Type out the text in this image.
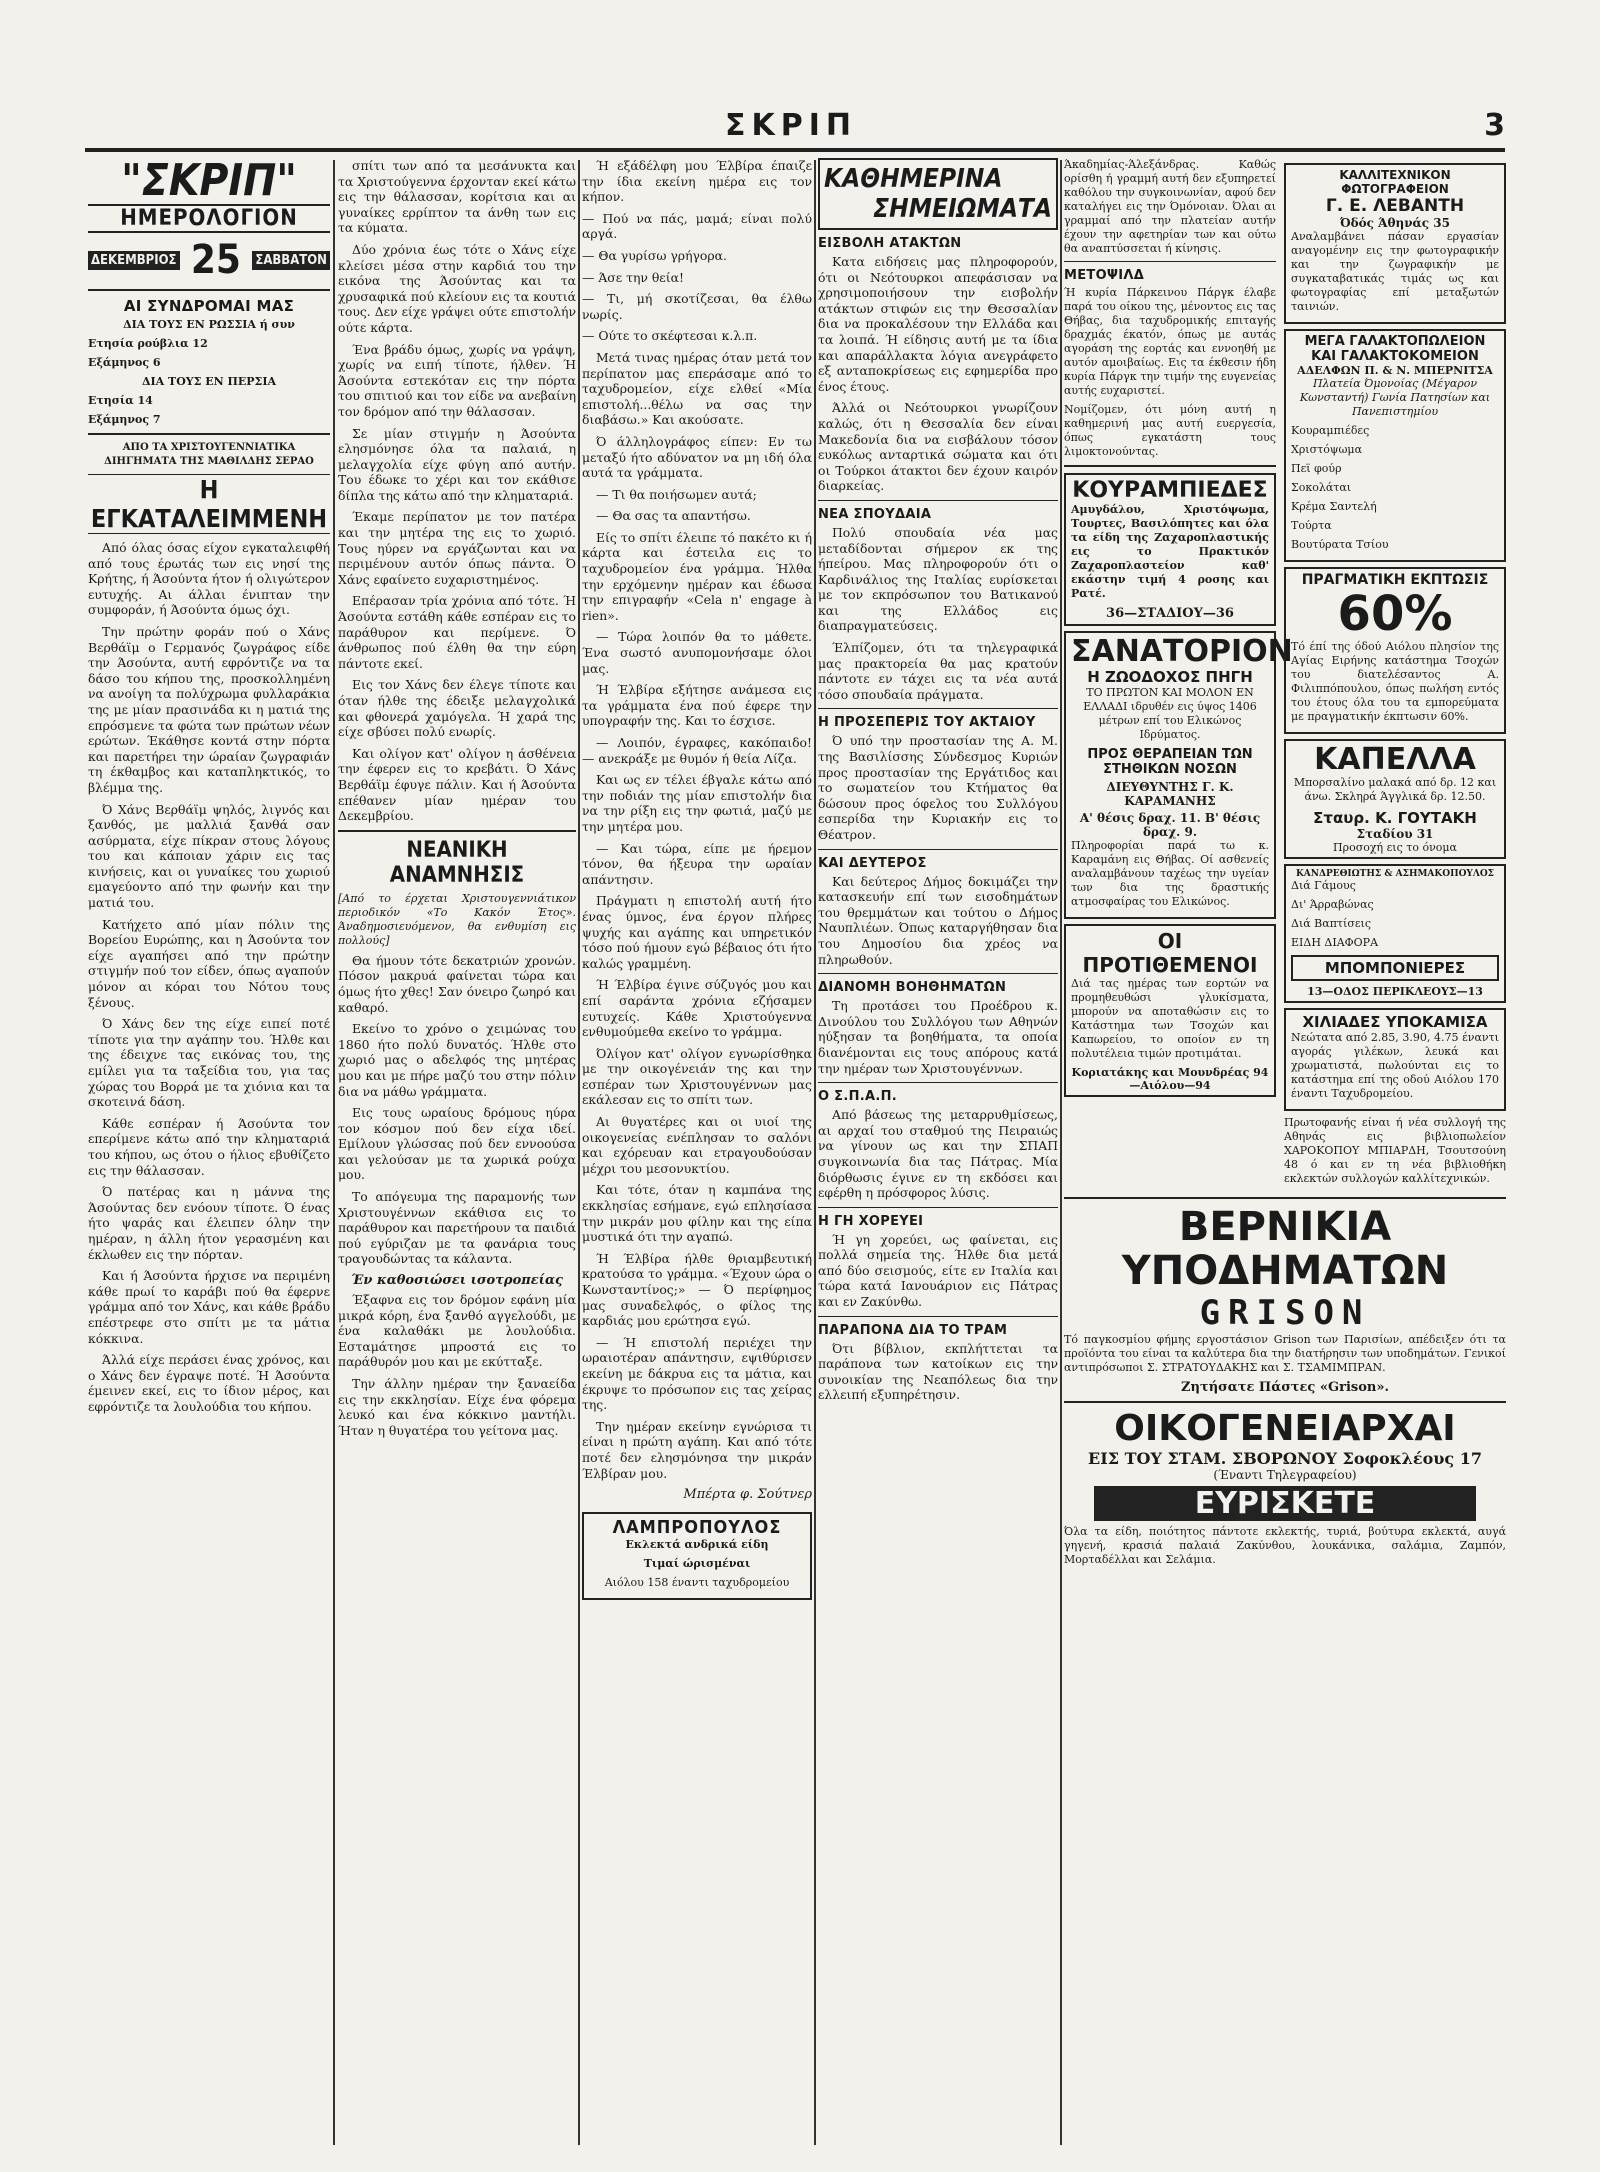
ΣΚΡΙΠ	3
"ΣΚΡΙΠ"
ΗΜΕΡΟΛΟΓΙΟΝ
ΔΕΚΕΜΒΡΙΟΣ 25 ΣΑΒΒΑΤΟΝ
ΑΙ ΣΥΝΔΡΟΜΑΙ ΜΑΣ
ΔΙΑ ΤΟΥΣ ΕΝ ΡΩΣΣΙΑ ή συν
Ετησία ρούβλια 12
Εξάμηνος 6
ΔΙΑ ΤΟΥΣ ΕΝ ΠΕΡΣΙΑ
Ετησία 14
Εξάμηνος 7
ΑΠΟ ΤΑ ΧΡΙΣΤΟΥΓΕΝΝΙΑΤΙΚΑ ΔΙΗΓΗΜΑΤΑ ΤΗΣ ΜΑΘΙΛΔΗΣ ΣΕΡΑΟ
Η ΕΓΚΑΤΑΛΕΙΜΜΕΝΗ

Από όλας όσας είχον εγκαταλειφθή από τους έρωτάς των εις νησί της Κρήτης, ή Άσούντα ήτον ή ολιγώτερον ευτυχής. Αι άλλαι ένιπταν την συμφοράν, ή Άσούντα όμως όχι.

Την πρώτην φοράν πού ο Χάνς Βερθάϊμ ο Γερμανός ζωγράφος είδε την Άσούντα, αυτή εφρόντιζε να τα δάσο του κήπου της, προσκολλημένη να ανοίγη τα πολύχρωμα φυλλαράκια της με μίαν πρασινάδα κι η ματιά της επρόσμενε τα φώτα των πρώτων νέων ερώτων. Έκάθησε κοντά στην πόρτα και παρετήρει την ώραίαν ζωγραφιάν τη έκθαμβος και καταπληκτικός, το βλέμμα της.

Ό Χάνς Βερθάϊμ ψηλός, λιγνός και ξανθός, με μαλλιά ξανθά σαν ασύρματα, είχε πίκραν στους λόγους του και κάποιαν χάριν εις τας κινήσεις, και οι γυναίκες του χωριού εμαγεύοντο από την φωνήν και την ματιά του.

Κατήχετο από μίαν πόλιν της Βορείου Ευρώπης, και η Άσούντα τον είχε αγαπήσει από την πρώτην στιγμήν πού τον είδεν, όπως αγαπούν μόνον αι κόραι του Νότου τους ξένους.

Ό Χάνς δεν της είχε ειπεί ποτέ τίποτε για την αγάπην του. Ήλθε και της έδειχνε τας εικόνας του, της εμίλει για τα ταξείδια του, για τας χώρας του Βορρά με τα χιόνια και τα σκοτεινά δάση.

Κάθε εσπέραν ή Άσούντα τον επερίμενε κάτω από την κληματαριά του κήπου, ως ότου ο ήλιος εβυθίζετο εις την θάλασσαν.

Ό πατέρας και η μάννα της Άσούντας δεν ενόουν τίποτε. Ό ένας ήτο ψαράς και έλειπεν όλην την ημέραν, η άλλη ήτον γερασμένη και έκλωθεν εις την πόρταν.

Και ή Άσούντα ήρχισε να περιμένη κάθε πρωί το καράβι πού θα έφερνε γράμμα από τον Χάνς, και κάθε βράδυ επέστρεφε στο σπίτι με τα μάτια κόκκινα.

Άλλά είχε περάσει ένας χρόνος, και ο Χάνς δεν έγραψε ποτέ. Ή Άσούντα έμεινεν εκεί, εις το ίδιον μέρος, και εφρόντιζε τα λουλούδια του κήπου.

σπίτι των από τα μεσάνυκτα και τα Χριστούγεννα έρχονταν εκεί κάτω εις την θάλασσαν, κορίτσια και αι γυναίκες ερρίπτον τα άνθη των εις τα κύματα.

Δύο χρόνια έως τότε ο Χάνς είχε κλείσει μέσα στην καρδιά του την εικόνα της Άσούντας και τα χρυσαφικά πού κλείουν εις τα κουτιά τους. Δεν είχε γράψει ούτε επιστολήν ούτε κάρτα.

Ένα βράδυ όμως, χωρίς να γράψη, χωρίς να ειπή τίποτε, ήλθεν. Ή Άσούντα εστεκόταν εις την πόρτα του σπιτιού και τον είδε να ανεβαίνη τον δρόμον από την θάλασσαν.

Σε μίαν στιγμήν η Άσούντα ελησμόνησε όλα τα παλαιά, η μελαγχολία είχε φύγη από αυτήν. Του έδωκε το χέρι και τον εκάθισε δίπλα της κάτω από την κληματαριά.

Έκαμε περίπατον με τον πατέρα και την μητέρα της εις το χωριό. Τους ηύρεν να εργάζωνται και να περιμένουν αυτόν όπως πάντα. Ό Χάνς εφαίνετο ευχαριστημένος.

Επέρασαν τρία χρόνια από τότε. Ή Άσούντα εστάθη κάθε εσπέραν εις το παράθυρον και περίμενε. Ό άνθρωπος πού έλθη θα την εύρη πάντοτε εκεί.

Εις τον Χάνς δεν έλεγε τίποτε και όταν ήλθε της έδειξε μελαγχολικά και φθονερά χαμόγελα. Ή χαρά της είχε σβύσει πολύ ενωρίς.

Και ολίγον κατ' ολίγον η άσθένεια την έφερεν εις το κρεβάτι. Ό Χάνς Βερθάϊμ έφυγε πάλιν. Και ή Άσούντα επέθανεν μίαν ημέραν του Δεκεμβρίου.

ΝΕΑΝΙΚΗ ΑΝΑΜΝΗΣΙΣ

[Από το έρχεται Χριστουγεννιάτικον περιοδικόν «Το Κακόν Έτος». Άναδημοσιευόμενον, θα ενθυμίση εις πολλούς]

Θα ήμουν τότε δεκατριών χρονών. Πόσον μακρυά φαίνεται τώρα και όμως ήτο χθες! Σαν όνειρο ζωηρό και καθαρό.

Εκείνο το χρόνο ο χειμώνας του 1860 ήτο πολύ δυνατός. Ήλθε στο χωριό μας ο αδελφός της μητέρας μου και με πήρε μαζύ του στην πόλιν δια να μάθω γράμματα.

Εις τους ωραίους δρόμους ηύρα τον κόσμον πού δεν είχα ιδεί. Εμίλουν γλώσσας πού δεν εννοούσα και γελούσαν με τα χωρικά ρούχα μου.

Το απόγευμα της παραμονής των Χριστουγέννων εκάθισα εις το παράθυρον και παρετήρουν τα παιδιά πού εγύριζαν με τα φανάρια τους τραγουδώντας τα κάλαντα.

Έν καθοσιώσει ισοτροπείας

Έξαφνα εις τον δρόμον εφάνη μία μικρά κόρη, ένα ξανθό αγγελούδι, με ένα καλαθάκι με λουλούδια. Εσταμάτησε μπροστά εις το παράθυρόν μου και με εκύτταξε.

Την άλλην ημέραν την ξαναείδα εις την εκκλησίαν. Είχε ένα φόρεμα λευκό και ένα κόκκινο μαντήλι. Ήταν η θυγατέρα του γείτονα μας.

Ή εξάδέλφη μου Έλβίρα έπαιζε την ίδια εκείνη ημέρα εις τον κήπον.

— Πού να πάς, μαμά; είναι πολύ αργά.

— Θα γυρίσω γρήγορα.

— Άσε την θεία!

— Τι, μή σκοτίζεσαι, θα έλθω νωρίς.

— Ούτε το σκέφτεσαι κ.λ.π.

Μετά τινας ημέρας όταν μετά τον περίπατον μας επεράσαμε από το ταχυδρομείον, είχε ελθεί «Μία επιστολή...θέλω να σας την διαβάσω.» Και ακούσατε.

Ό άλληλογράφος είπεν: Εν τω μεταξύ ήτο αδύνατον να μη ιδή όλα αυτά τα γράμματα.

— Τι θα ποιήσωμεν αυτά;

— Θα σας τα απαντήσω.

Είς το σπίτι έλειπε τό πακέτο κι ή κάρτα και έστειλα εις το ταχυδρομείον ένα γράμμα. Ήλθα την ερχόμενην ημέραν και έδωσα την επιγραφήν «Cela n' engage à rien».

— Τώρα λοιπόν θα το μάθετε. Ένα σωστό ανυπομονήσαμε όλοι μας.

Ή Έλβίρα εξήτησε ανάμεσα εις τα γράμματα ένα πού έφερε την υπογραφήν της. Και το έσχισε.

— Λοιπόν, έγραφες, κακόπαιδο! — ανεκράξε με θυμόν ή θεία Λίζα.

Και ως εν τέλει έβγαλε κάτω από την ποδιάν της μίαν επιστολήν δια να την ρίξη εις την φωτιά, μαζύ με την μητέρα μου.

— Και τώρα, είπε με ήρεμον τόνον, θα ήξευρα την ωραίαν απάντησιν.

Πράγματι η επιστολή αυτή ήτο ένας ύμνος, ένα έργον πλήρες ψυχής και αγάπης και υπηρετικόν τόσο πού ήμουν εγώ βέβαιος ότι ήτο καλώς γραμμένη.

Ή Έλβίρα έγινε σύζυγός μου και επί σαράντα χρόνια εζήσαμεν ευτυχείς. Κάθε Χριστούγεννα ενθυμούμεθα εκείνο το γράμμα.

Όλίγον κατ' ολίγον εγνωρίσθηκα με την οικογένειάν της και την εσπέραν των Χριστουγέννων μας εκάλεσαν εις το σπίτι των.

Αι θυγατέρες και οι υιοί της οικογενείας ενέπλησαν το σαλόνι και εχόρευαν και ετραγουδούσαν μέχρι του μεσονυκτίου.

Και τότε, όταν η καμπάνα της εκκλησίας εσήμανε, εγώ επλησίασα την μικράν μου φίλην και της είπα μυστικά ότι την αγαπώ.

Ή Έλβίρα ήλθε θριαμβευτική κρατούσα το γράμμα. «Έχουν ώρα ο Κωνσταντίνος;» — Ό περίφημος μας συναδελφός, ο φίλος της καρδιάς μου ερώτησα εγώ.

— Ή επιστολή περιέχει την ωραιοτέραν απάντησιν, εψιθύρισεν εκείνη με δάκρυα εις τα μάτια, και έκρυψε το πρόσωπον εις τας χείρας της.

Την ημέραν εκείνην εγνώρισα τι είναι η πρώτη αγάπη. Και από τότε ποτέ δεν ελησμόνησα την μικράν Έλβίραν μου.

Μπέρτα φ. Σούτνερ
ΛΑΜΠΡΟΠΟΥΛΟΣ
Εκλεκτά ανδρικά είδη
Τιμαί ώρισμέναι
Αιόλου 158 έναντι ταχυδρομείου
ΚΑΘΗΜΕΡΙΝΑ
ΣΗΜΕΙΩΜΑΤΑ
ΕΙΣΒΟΛΗ ΑΤΑΚΤΩΝ

Κατα ειδήσεις μας πληροφορούν, ότι οι Νεότουρκοι απεφάσισαν να χρησιμοποιήσουν την εισβολήν ατάκτων στιφών εις την Θεσσαλίαν δια να προκαλέσουν την Ελλάδα και τα λοιπά. Ή είδησις αυτή με τα ίδια και απαράλλακτα λόγια ανεγράφετο εξ ανταποκρίσεως εις εφημερίδα προ ένος έτους.

Άλλά οι Νεότουρκοι γνωρίζουν καλώς, ότι η Θεσσαλία δεν είναι Μακεδονία δια να εισβάλουν τόσον ευκόλως ανταρτικά σώματα και ότι οι Τούρκοι άτακτοι δεν έχουν καιρόν διαρκείας.

ΝΕΑ ΣΠΟΥΔΑΙΑ

Πολύ σπουδαία νέα μας μεταδίδονται σήμερον εκ της ήπείρου. Μας πληροφορούν ότι ο Καρδινάλιος της Ιταλίας ευρίσκεται με τον εκπρόσωπον του Βατικανού και της Ελλάδος εις διαπραγματεύσεις.

Έλπίζομεν, ότι τα τηλεγραφικά μας πρακτορεία θα μας κρατούν πάντοτε εν τάχει εις τα νέα αυτά τόσο σπουδαία πράγματα.

Η ΠΡΟΣΕΠΕΡΙΣ ΤΟΥ ΑΚΤΑΙΟΥ

Ό υπό την προστασίαν της Α. Μ. της Βασιλίσσης Σύνδεσμος Κυριών προς προστασίαν της Εργάτιδος και το σωματείον του Κτήματος θα δώσουν προς όφελος του Συλλόγου εσπερίδα την Κυριακήν εις το Θέατρον.

ΚΑΙ ΔΕΥΤΕΡΟΣ

Και δεύτερος Δήμος δοκιμάζει την κατασκευήν επί των εισοδημάτων του θρεμμάτων και τούτου ο Δήμος Ναυπλιέων. Όπως καταργήθησαν δια του Δημοσίου δια χρέος να πληρωθούν.

ΔΙΑΝΟΜΗ ΒΟΗΘΗΜΑΤΩΝ

Τη προτάσει του Προέδρου κ. Δινούλου του Συλλόγου των Αθηνών ηύξησαν τα βοηθήματα, τα οποία διανέμονται εις τους απόρους κατά την ημέραν των Χριστουγέννων.

Ο Σ.Π.Α.Π.

Από βάσεως της μεταρρυθμίσεως, αι αρχαί του σταθμού της Πειραιώς να γίνουν ως και την ΣΠΑΠ συγκοινωνία δια τας Πάτρας. Μία διόρθωσις έγινε εν τη εκδόσει και εφέρθη η πρόσφορος λύσις.

Η ΓΗ ΧΟΡΕΥΕΙ

Ή γη χορεύει, ως φαίνεται, εις πολλά σημεία της. Ήλθε δια μετά από δύο σεισμούς, είτε εν Ιταλία και τώρα κατά Ιανουάριον εις Πάτρας και εν Ζακύνθω.

ΠΑΡΑΠΟΝΑ ΔΙΑ ΤΟ ΤΡΑΜ

Ότι βίβλιον, εκπλήττεται τα παράπονα των κατοίκων εις την συνοικίαν της Νεαπόλεως δια την ελλειπή εξυπηρέτησιν.

Άκαδημίας-Άλεξάνδρας. Καθώς ορίσθη ή γραμμή αυτή δεν εξυπηρετεί καθόλου την συγκοινωνίαν, αφού δεν καταλήγει εις την Όμόνοιαν. Όλαι αι γραμμαί από την πλατείαν αυτήν έχουν την αφετηρίαν των και ούτω θα αναπτύσσεται ή κίνησις.

ΜΕΤΟΨΙΛΔ

Ή κυρία Πάρκεινου Πάργκ έλαβε παρά του οίκου της, μένοντος εις τας Θήβας, δια ταχυδρομικής επιταγής δραχμάς έκατόν, όπως με αυτάς αγοράση της εορτάς και εννοηθή με αυτόν αμοιβαίως. Εις τα έκθεσιν ήδη κυρία Πάργκ την τιμήν της ευγενείας αυτής ευχαριστεί.

Νομίζομεν, ότι μόνη αυτή η καθημερινή μας αυτή ευεργεσία, όπως εγκατάστη τους λιμοκτονούντας.

ΚΟΥΡΑΜΠΙΕΔΕΣ

Αμυγδάλου, Χριστόψωμα, Τουρτες, Βασιλόπητες και όλα τα είδη της Ζαχαροπλαστικής εις το Πρακτικόν Ζαχαροπλαστείον καθ' εκάστην τιμή 4 ροσης και Ρατέ.

36—ΣΤΑΔΙΟΥ—36
ΣΑΝΑΤΟΡΙΟΝ
Η ΖΩΟΔΟΧΟΣ ΠΗΓΗ

ΤΟ ΠΡΩΤΟΝ ΚΑΙ ΜΟΛΟΝ ΕΝ ΕΛΛΑΔΙ ιδρυθέν εις ύψος 1406 μέτρων επί του Ελικώνος Ιδρύματος.

ΠΡΟΣ ΘΕΡΑΠΕΙΑΝ ΤΩΝ ΣΤΗΘΙΚΩΝ ΝΟΣΩΝ
ΔΙΕΥΘΥΝΤΗΣ Γ. Κ. ΚΑΡΑΜΑΝΗΣ
Α' θέσις δραχ. 11. Β' θέσις δραχ. 9.

Πληροφορίαι παρά τω κ. Καραμάνη εις Θήβας. Οί ασθενείς αναλαμβάνουν ταχέως την υγείαν των δια της δραστικής ατμοσφαίρας του Ελικώνος.

ΟΙ ΠΡΟΤΙΘΕΜΕΝΟΙ

Διά τας ημέρας των εορτών να προμηθευθώσι γλυκίσματα, μπορούν να αποταθώσιν εις το Κατάστημα των Τσοχών και Καπωρείου, το οποίον εν τη πολυτέλεια τιμών προτιμάται.

Κοριατάκης και Μουνδρέας 94—Αιόλου—94
ΚΑΛΛΙΤΕΧΝΙΚΟΝ ΦΩΤΟΓΡΑΦΕΙΟΝ
Γ. Ε. ΛΕΒΑΝΤΗ
Όδός Άθηνάς 35

Αναλαμβάνει πάσαν εργασίαν αναγομένην εις την φωτογραφικήν και την ζωγραφικήν με συγκαταβατικάς τιμάς ως και φωτογραφίας επί μεταξωτών ταινιών.

ΜΕΓΑ ΓΑΛΑΚΤΟΠΩΛΕΙΟΝ ΚΑΙ ΓΑΛΑΚΤΟΚΟΜΕΙΟΝ
ΑΔΕΛΦΩΝ Π. & Ν. ΜΠΕΡΝΙΤΣΑ

Πλατεία Όμονοίας (Μέγαρον Κωνσταντή) Γωνία Πατησίων και Πανεπιστημίου

Κουραμπιέδες
Χριστόψωμα
Πεϊ φούρ
Σοκολάται
Κρέμα Σαντελή
Τούρτα
Βουτύρατα Τσίου
ΠΡΑΓΜΑΤΙΚΗ ΕΚΠΤΩΣΙΣ
60%

Τό έπί της όδού Αιόλου πλησίον της Αγίας Ειρήνης κατάστημα Τσοχών του διατελέσαντος Α. Φιλιππόπουλου, όπως πωλήση εντός του έτους όλα του τα εμπορεύματα με πραγματικήν έκπτωσιν 60%.

ΚΑΠΕΛΛΑ

Μπορσαλίνο μαλακά από δρ. 12 και άνω. Σκληρά Άγγλικά δρ. 12.50.

Σταυρ. Κ. ΓΟΥΤΑΚΗ
Σταδίου 31
Προσοχή εις το όνομα
ΚΑΝΔΡΕΘΙΩΤΗΣ & ΑΣΗΜΑΚΟΠΟΥΛΟΣ
Διά Γάμους
Δι' Άρραβώνας
Διά Βαπτίσεις
ΕΙΔΗ ΔΙΑΦΟΡΑ
ΜΠΟΜΠΟΝΙΕΡΕΣ
13—ΟΔΟΣ ΠΕΡΙΚΛΕΟΥΣ—13
ΧΙΛΙΑΔΕΣ ΥΠΟΚΑΜΙΣΑ

Νεώτατα από 2.85, 3.90, 4.75 έναντι αγοράς γιλέκων, λευκά και χρωματιστά, πωλούνται εις το κατάστημα επί της οδού Αιόλου 170 έναντι Ταχυδρομείου.

Πρωτοφανής είναι ή νέα συλλογή της Αθηνάς εις βιβλιοπωλείον ΧΑΡΟΚΟΠΟΥ ΜΠΙΑΡΔΗ, Τσουτσούνη 48 ό και εν τη νέα βιβλιοθήκη εκλεκτών συλλογών καλλίτεχνικών.

ΒΕΡΝΙΚΙΑ ΥΠΟΔΗΜΑΤΩΝ
GRISON

Τό παγκοσμίου φήμης εργοστάσιον Grison των Παρισίων, απέδειξεν ότι τα προϊόντα του είναι τα καλύτερα δια την διατήρησιν των υποδημάτων. Γενικοί αντιπρόσωποι Σ. ΣΤΡΑΤΟΥΔΑΚΗΣ και Σ. ΤΣΑΜΙΜΠΡΑΝ.

Ζητήσατε Πάστες «Grison».
ΟΙΚΟΓΕΝΕΙΑΡΧΑΙ
ΕΙΣ ΤΟΥ ΣΤΑΜ. ΣΒΟΡΩΝΟΥ Σοφοκλέους 17
(Έναντι Τηλεγραφείου)
ΕΥΡΙΣΚΕΤΕ

Όλα τα είδη, ποιότητος πάντοτε εκλεκτής, τυριά, βούτυρα εκλεκτά, αυγά γηγενή, κρασιά παλαιά Ζακύνθου, λουκάνικα, σαλάμια, Ζαμπόν, Μορταδέλλαι και Σελάμια.
